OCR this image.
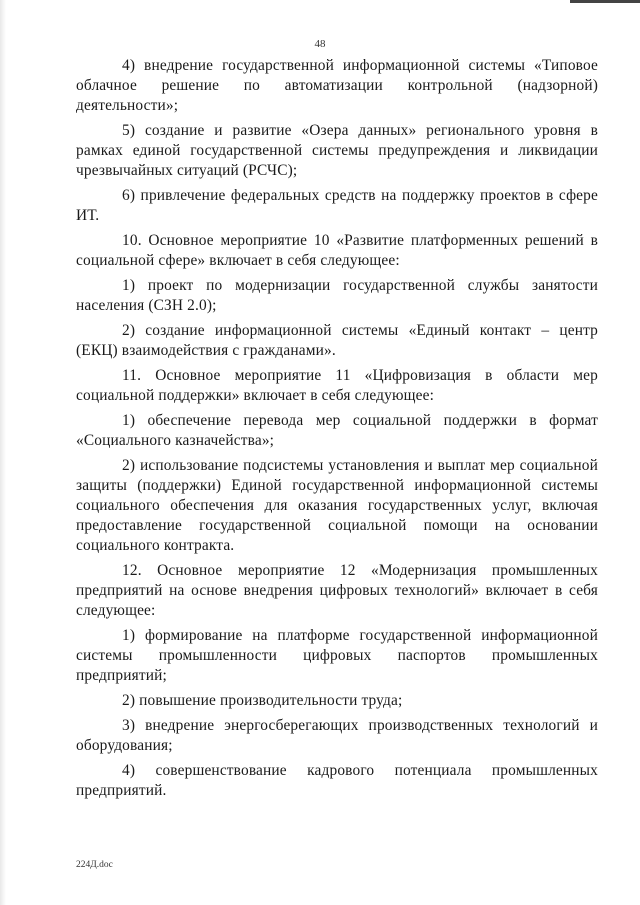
48

4) внедрение государственной информационной системы «Типовое облачное решение по автоматизации контрольной (надзорной) деятельности»;

5) создание и развитие «Озера данных» регионального уровня в рамках единой государственной системы предупреждения и ликвидации чрезвычайных ситуаций (РСЧС);

6) привлечение федеральных средств на поддержку проектов в сфере ИТ.

10. Основное мероприятие 10 «Развитие платформенных решений в социальной сфере» включает в себя следующее:

1) проект по модернизации государственной службы занятости населения (СЗН 2.0);

2) создание информационной системы «Единый контакт – центр (ЕКЦ) взаимодействия с гражданами».

11. Основное мероприятие 11 «Цифровизация в области мер социальной поддержки» включает в себя следующее:

1) обеспечение перевода мер социальной поддержки в формат «Социального казначейства»;

2) использование подсистемы установления и выплат мер социальной защиты (поддержки) Единой государственной информационной системы социального обеспечения для оказания государственных услуг, включая предоставление государственной социальной помощи на основании социального контракта.

12. Основное мероприятие 12 «Модернизация промышленных предприятий на основе внедрения цифровых технологий» включает в себя следующее:

1) формирование на платформе государственной информационной системы промышленности цифровых паспортов промышленных предприятий;

2) повышение производительности труда;

3) внедрение энергосберегающих производственных технологий и оборудования;

4) совершенствование кадрового потенциала промышленных предприятий.

224Д.doc
